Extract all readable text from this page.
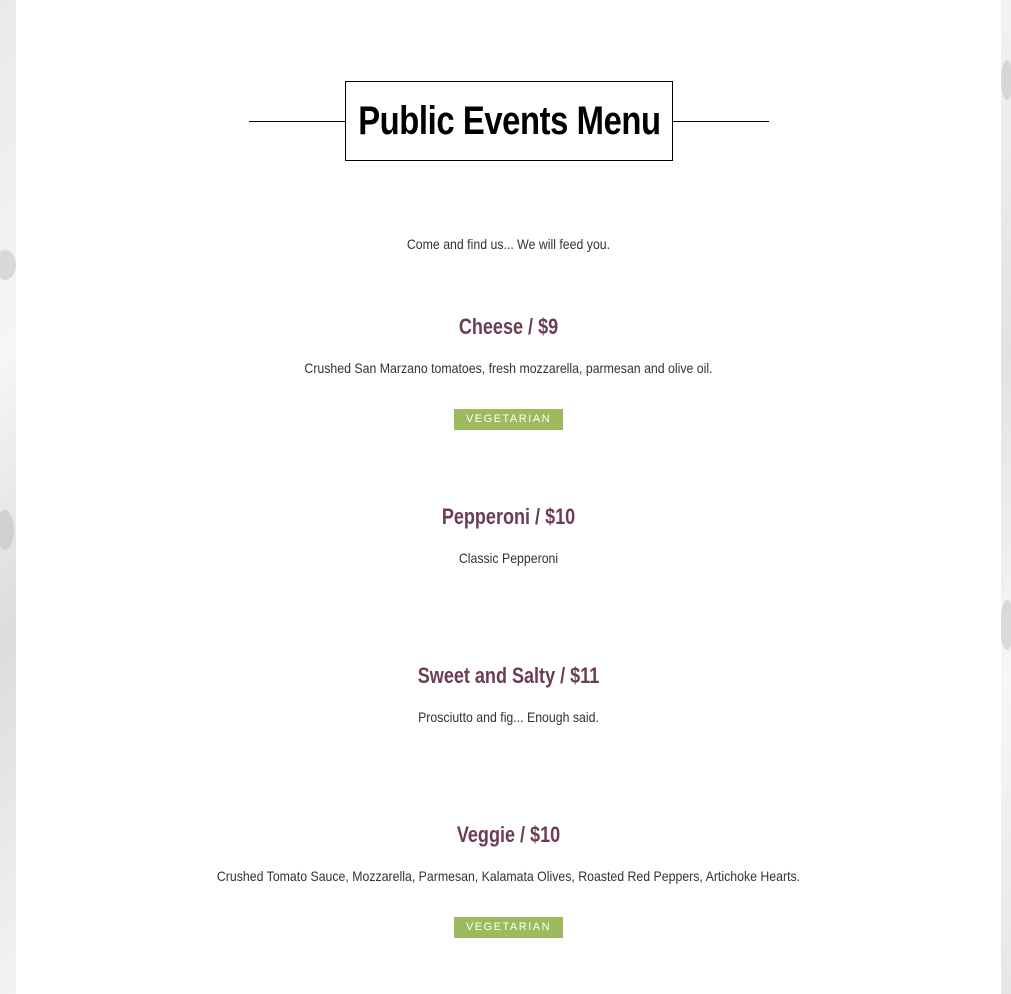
Public Events Menu
Come and find us... We will feed you.
Cheese / $9
Crushed San Marzano tomatoes, fresh mozzarella, parmesan and olive oil.
VEGETARIAN
Pepperoni / $10
Classic Pepperoni
Sweet and Salty / $11
Prosciutto and fig... Enough said.
Veggie / $10
Crushed Tomato Sauce, Mozzarella, Parmesan, Kalamata Olives, Roasted Red Peppers, Artichoke Hearts.
VEGETARIAN
